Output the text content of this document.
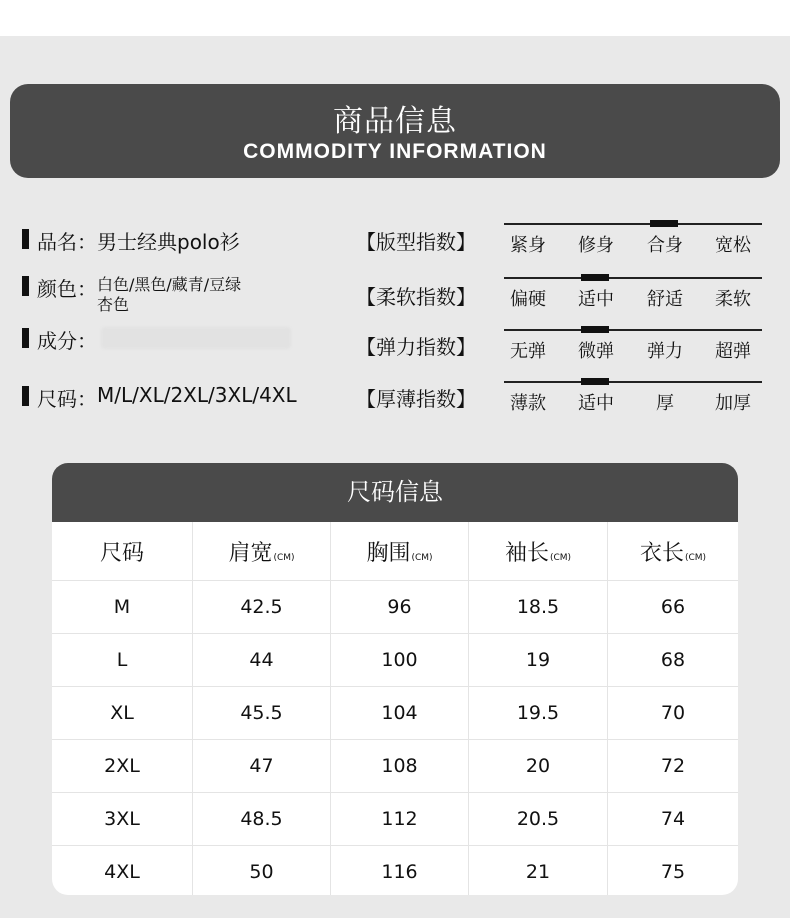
商品信息
COMMODITY INFORMATION
品名： 男士经典polo衫
颜色： 白色/黑色/藏青/豆绿
杏色
成分：
尺码： M/L/XL/2XL/3XL/4XL
【版型指数】	紧身	修身	合身	宽松
【柔软指数】	偏硬	适中	舒适	柔软
【弹力指数】	无弹	微弹	弹力	超弹
【厚薄指数】	薄款	适中	厚	加厚
尺码信息
尺码	肩宽(CM)	胸围(CM)	袖长(CM)	衣长(CM)
M	42.5	96	18.5	66
L	44	100	19	68
XL	45.5	104	19.5	70
2XL	47	108	20	72
3XL	48.5	112	20.5	74
4XL	50	116	21	75
